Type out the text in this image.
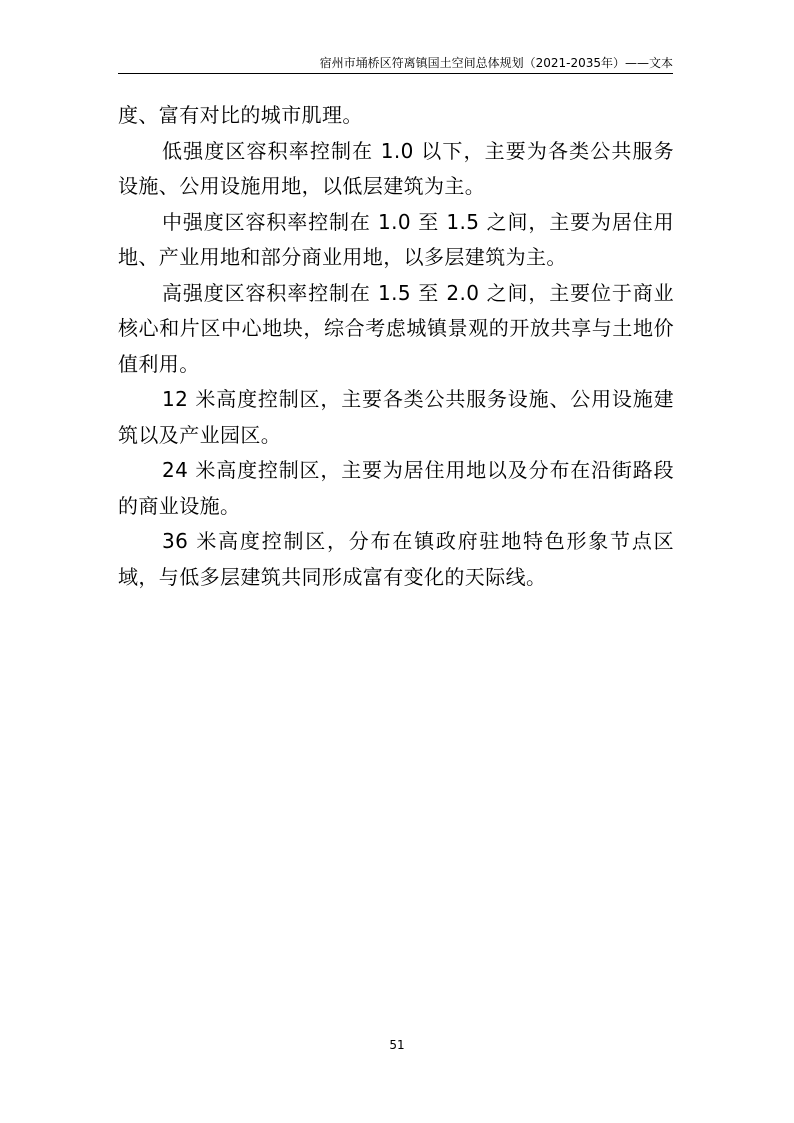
宿州市埇桥区符离镇国土空间总体规划（2021-2035年）——文本

度、富有对比的城市肌理。

低强度区容积率控制在 1.0 以下，主要为各类公共服务设施、公用设施用地，以低层建筑为主。

中强度区容积率控制在 1.0 至 1.5 之间，主要为居住用地、产业用地和部分商业用地，以多层建筑为主。

高强度区容积率控制在 1.5 至 2.0 之间，主要位于商业核心和片区中心地块，综合考虑城镇景观的开放共享与土地价值利用。

12 米高度控制区，主要各类公共服务设施、公用设施建筑以及产业园区。

24 米高度控制区，主要为居住用地以及分布在沿街路段的商业设施。

36 米高度控制区，分布在镇政府驻地特色形象节点区域，与低多层建筑共同形成富有变化的天际线。

51
